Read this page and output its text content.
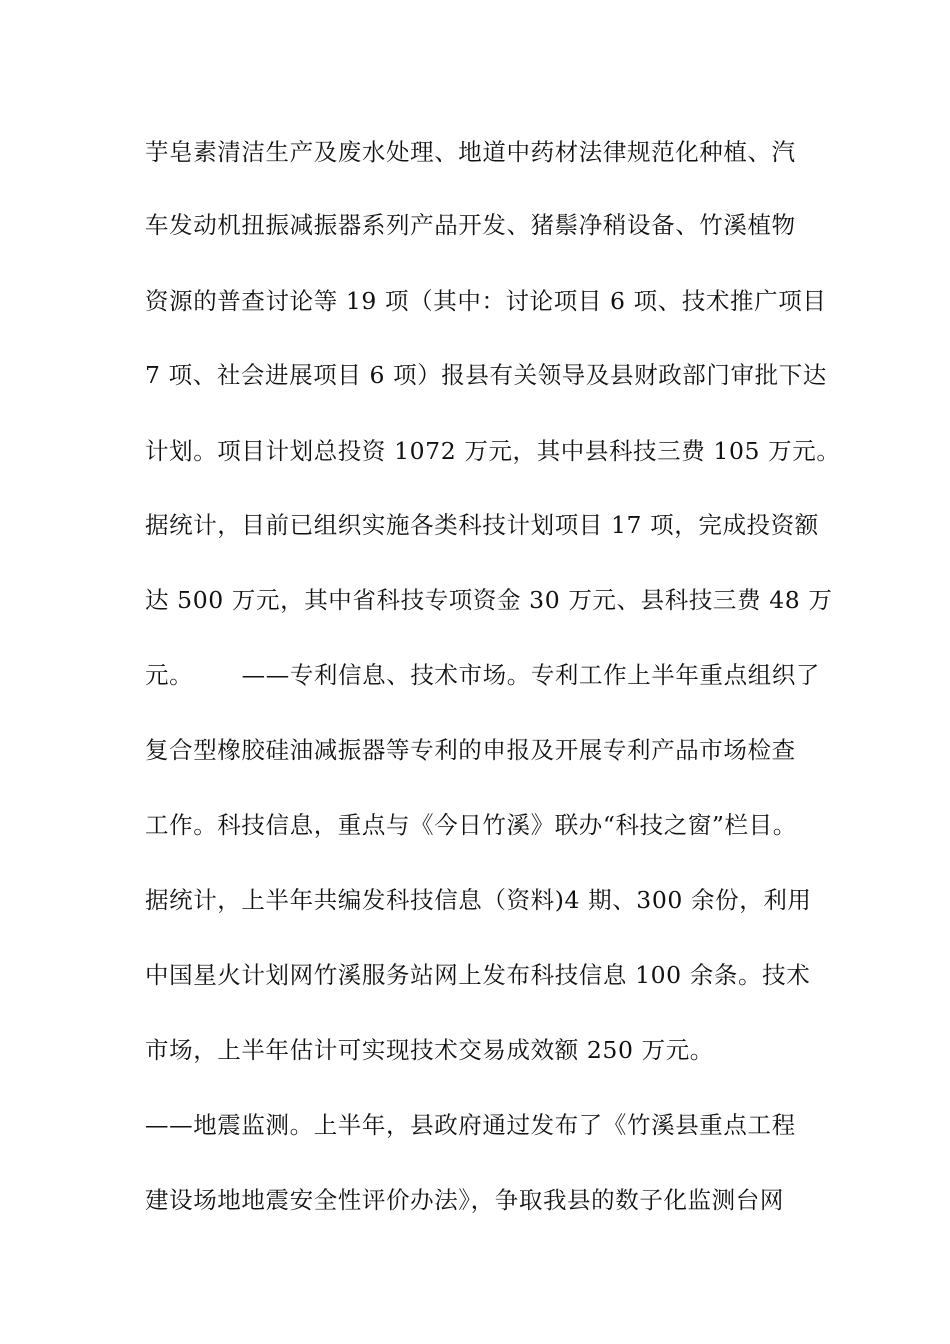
芋皂素清洁生产及废水处理、地道中药材法律规范化种植、汽
车发动机扭振减振器系列产品开发、猪鬃净稍设备、竹溪植物
资源的普查讨论等 19 项（其中：讨论项目 6 项、技术推广项目
7 项、社会进展项目 6 项）报县有关领导及县财政部门审批下达
计划。项目计划总投资 1072 万元，其中县科技三费 105 万元。
据统计，目前已组织实施各类科技计划项目 17 项，完成投资额
达 500 万元，其中省科技专项资金 30 万元、县科技三费 48 万
元。      ——专利信息、技术市场。专利工作上半年重点组织了
复合型橡胶硅油减振器等专利的申报及开展专利产品市场检查
工作。科技信息，重点与《今日竹溪》联办“科技之窗”栏目。
据统计，上半年共编发科技信息（资料)4 期、300 余份，利用
中国星火计划网竹溪服务站网上发布科技信息 100 余条。技术
市场，上半年估计可实现技术交易成效额 250 万元。
——地震监测。上半年，县政府通过发布了《竹溪县重点工程
建设场地地震安全性评价办法》，争取我县的数子化监测台网
